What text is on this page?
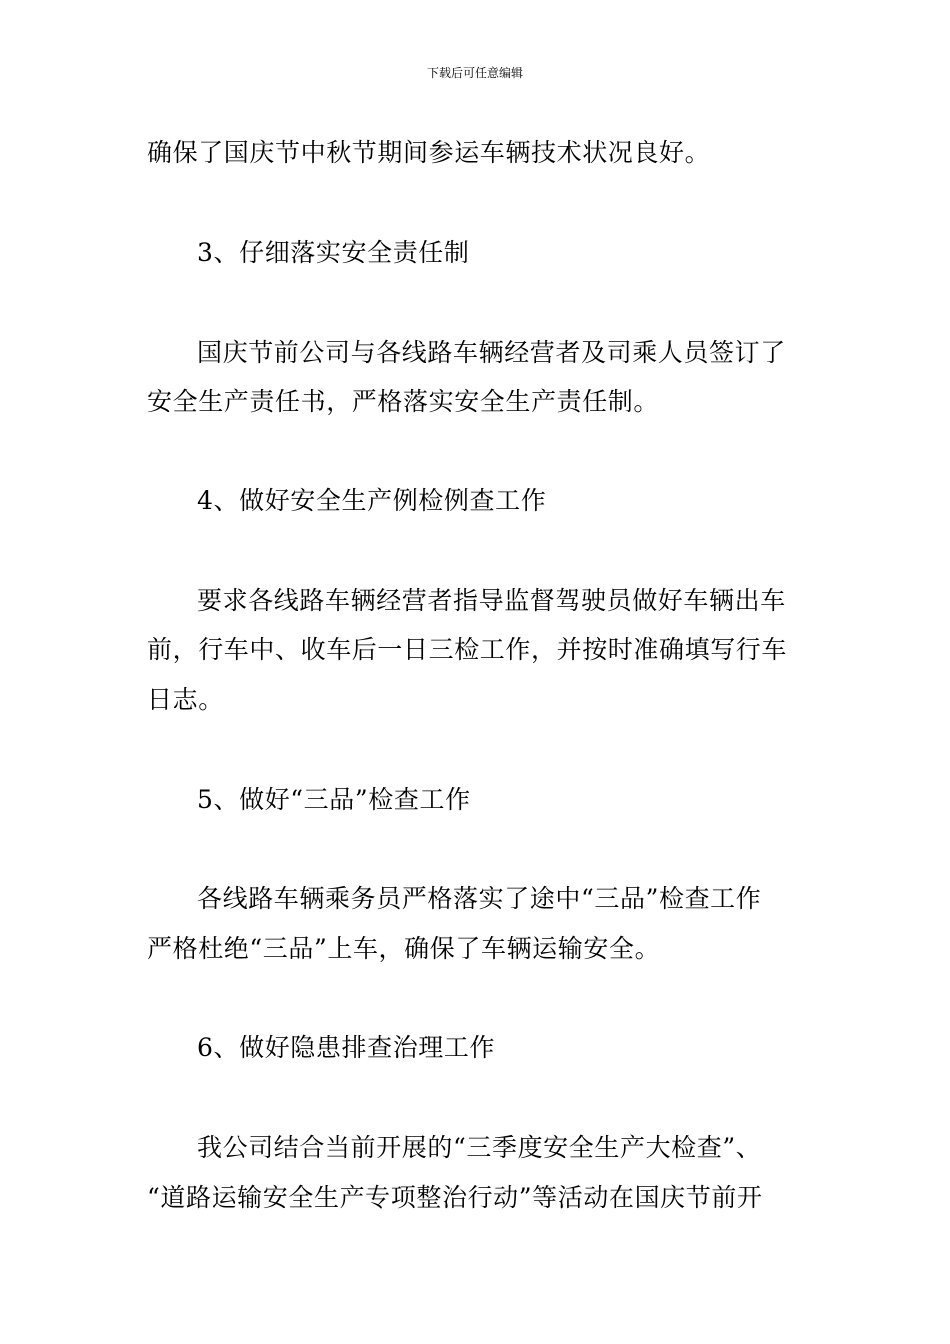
下载后可任意编辑
确保了国庆节中秋节期间参运车辆技术状况良好。
3、仔细落实安全责任制
国庆节前公司与各线路车辆经营者及司乘人员签订了
安全生产责任书，严格落实安全生产责任制。
4、做好安全生产例检例查工作
要求各线路车辆经营者指导监督驾驶员做好车辆出车
前，行车中、收车后一日三检工作，并按时准确填写行车
日志。
5、做好“三品”检查工作
各线路车辆乘务员严格落实了途中“三品”检查工作
严格杜绝“三品”上车，确保了车辆运输安全。
6、做好隐患排查治理工作
我公司结合当前开展的“三季度安全生产大检查”、
“道路运输安全生产专项整治行动”等活动在国庆节前开
